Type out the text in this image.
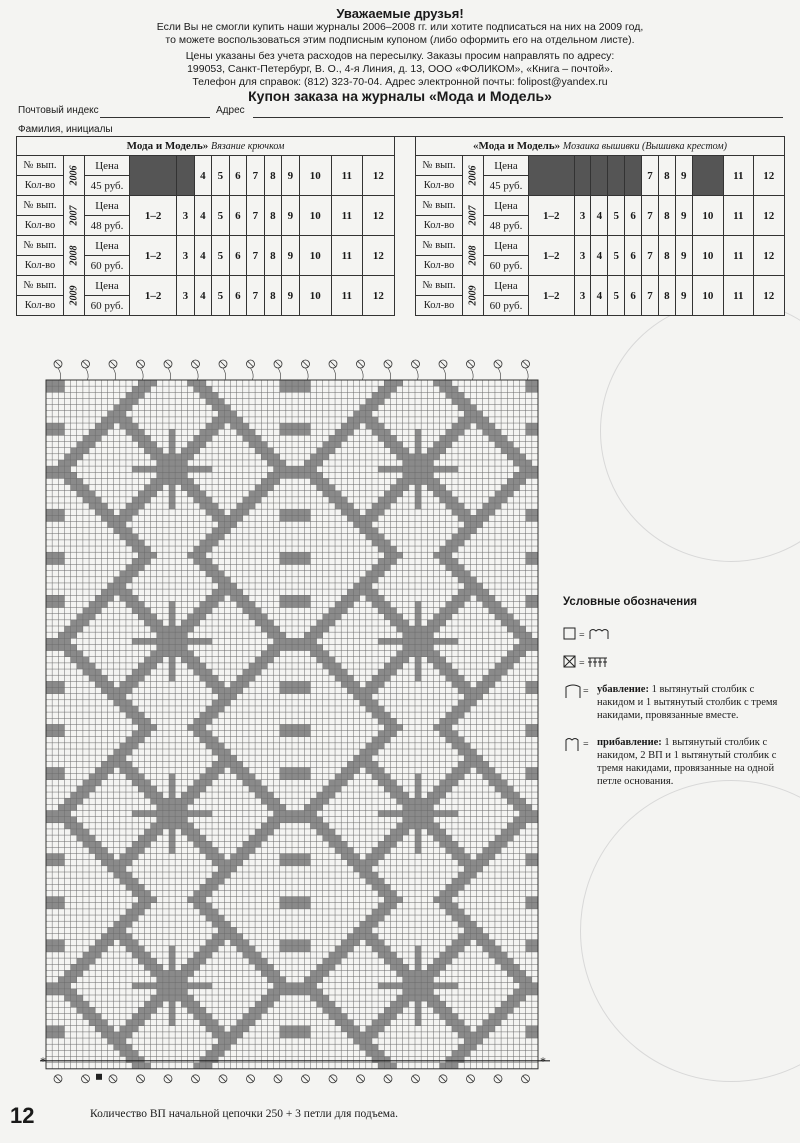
Уважаемые друзья!
Если Вы не смогли купить наши журналы 2006–2008 гг. или хотите подписаться на них на 2009 год,
то можете воспользоваться этим подписным купоном (либо оформить его на отдельном листе).
Цены указаны без учета расходов на пересылку. Заказы просим направлять по адресу:
199053, Санкт-Петербург, В. О., 4-я Линия, д. 13, ООО «ФОЛИКОМ», «Книга – почтой».
Телефон для справок: (812) 323-70-04. Адрес электронной почты: folipost@yandex.ru
Купон заказа на журналы «Мода и Модель»
Почтовый индекс	Адрес
Фамилия, инициалы
Мода и Модель» Вязание крючком													
№ вып.	2006	Цена			4	5	6	7	8	9	10	11	12
Кол-во		45 руб.											
№ вып.	2007	Цена	1–2	3	4	5	6	7	8	9	10	11	12
Кол-во		48 руб.											
№ вып.	2008	Цена	1–2	3	4	5	6	7	8	9	10	11	12
Кол-во		60 руб.											
№ вып.	2009	Цена	1–2	3	4	5	6	7	8	9	10	11	12
Кол-во		60 руб.											
«Мода и Модель» Мозаика вышивки (Вышивка крестом)													
№ вып.	2006	Цена						7	8	9		11	12
Кол-во		45 руб.											
№ вып.	2007	Цена	1–2	3	4	5	6	7	8	9	10	11	12
Кол-во		48 руб.											
№ вып.	2008	Цена	1–2	3	4	5	6	7	8	9	10	11	12
Кол-во		60 руб.											
№ вып.	2009	Цена	1–2	3	4	5	6	7	8	9	10	11	12
Кол-во		60 руб.											
*	*
Условные обозначения
=
=
= убавление: 1 вытянутый столбик с накидом и 1 вытянутый столбик с тремя накидами, провязанные вместе.
= прибавление: 1 вытянутый столбик с накидом, 2 ВП и 1 вытянутый столбик с тремя накидами, провязанные на одной петле основания.
12	Количество ВП начальной цепочки 250 + 3 петли для подъема.
